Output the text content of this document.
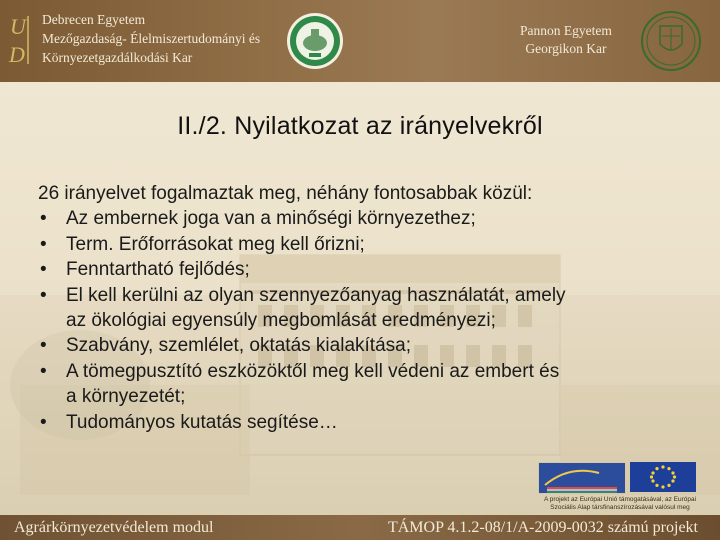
U
D
Debrecen Egyetem
Mezőgazdaság- Élelmiszertudományi és
Környezetgazdálkodási Kar
Pannon Egyetem
Georgikon Kar
II./2. Nyilatkozat az irányelvekről
26 irányelvet fogalmaztak meg, néhány fontosabbak közül:
• Az embernek joga van a minőségi környezethez;
• Term. Erőforrásokat meg kell őrizni;
• Fenntartható fejlődés;
• El kell kerülni az olyan szennyezőanyag használatát, amely
az ökológiai egyensúly megbomlását eredményezi;
• Szabvány, szemlélet, oktatás kialakítása;
• A tömegpusztító eszközöktől meg kell védeni az embert és
a környezetét;
• Tudományos kutatás segítése…
A projekt az Európai Unió támogatásával, az Európai
Szociális Alap társfinanszírozásával valósul meg
Agrárkörnyezetvédelem modul	TÁMOP 4.1.2-08/1/A-2009-0032 számú projekt
